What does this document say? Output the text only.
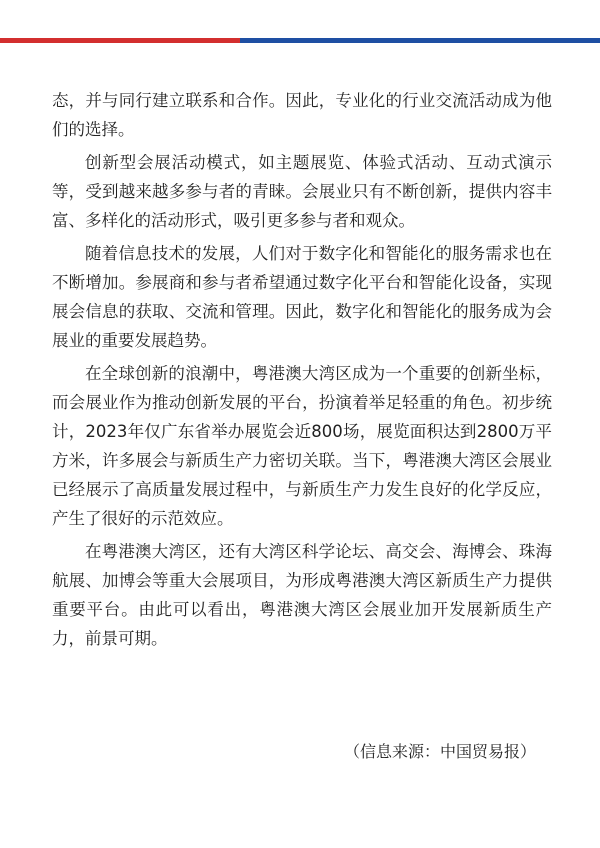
态，并与同行建立联系和合作。因此，专业化的行业交流活动成为他们的选择。

创新型会展活动模式，如主题展览、体验式活动、互动式演示等，受到越来越多参与者的青睐。会展业只有不断创新，提供内容丰富、多样化的活动形式，吸引更多参与者和观众。

随着信息技术的发展，人们对于数字化和智能化的服务需求也在不断增加。参展商和参与者希望通过数字化平台和智能化设备，实现展会信息的获取、交流和管理。因此，数字化和智能化的服务成为会展业的重要发展趋势。

在全球创新的浪潮中，粤港澳大湾区成为一个重要的创新坐标，而会展业作为推动创新发展的平台，扮演着举足轻重的角色。初步统计，2023年仅广东省举办展览会近800场，展览面积达到2800万平方米，许多展会与新质生产力密切关联。当下，粤港澳大湾区会展业已经展示了高质量发展过程中，与新质生产力发生良好的化学反应，产生了很好的示范效应。

在粤港澳大湾区，还有大湾区科学论坛、高交会、海博会、珠海航展、加博会等重大会展项目，为形成粤港澳大湾区新质生产力提供重要平台。由此可以看出，粤港澳大湾区会展业加开发展新质生产力，前景可期。

（信息来源：中国贸易报）
